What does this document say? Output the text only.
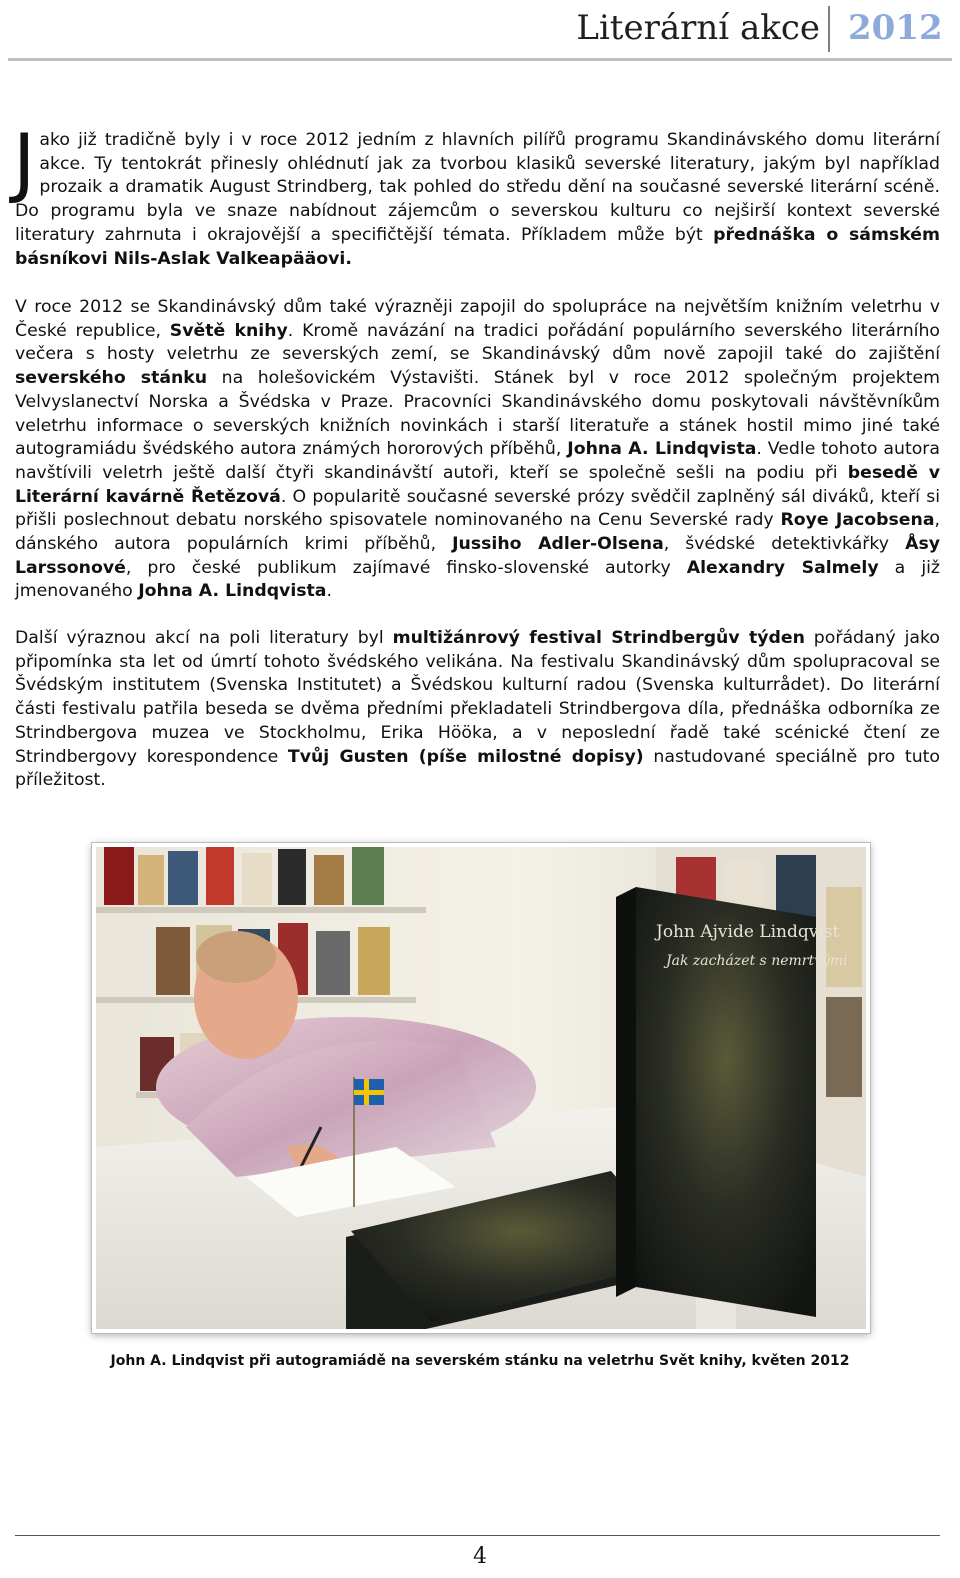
Literární akce 2012
Jako již tradičně byly i v roce 2012 jedním z hlavních pilířů programu Skandinávského domu literární akce. Ty tentokrát přinesly ohlédnutí jak za tvorbou klasiků severské literatury, jakým byl například prozaik a dramatik August Strindberg, tak pohled do středu dění na současné severské literární scéně. Do programu byla ve snaze nabídnout zájemcům o severskou kulturu co nejširší kontext severské literatury zahrnuta i okrajovější a specifičtější témata. Příkladem může být přednáška o sámském básníkovi Nils-Aslak Valkeapääovi.
V roce 2012 se Skandinávský dům také výrazněji zapojil do spolupráce na největším knižním veletrhu v České republice, Světě knihy. Kromě navázání na tradici pořádání populárního severského literárního večera s hosty veletrhu ze severských zemí, se Skandinávský dům nově zapojil také do zajištění severského stánku na holešovickém Výstavišti. Stánek byl v roce 2012 společným projektem Velvyslanectví Norska a Švédska v Praze. Pracovníci Skandinávského domu poskytovali návštěvníkům veletrhu informace o severských knižních novinkách i starší literatuře a stánek hostil mimo jiné také autogramiádu švédského autora známých hororových příběhů, Johna A. Lindqvista. Vedle tohoto autora navštívili veletrh ještě další čtyři skandinávští autoři, kteří se společně sešli na podiu při besedě v Literární kavárně Řetězová. O popularitě současné severské prózy svědčil zaplněný sál diváků, kteří si přišli poslechnout debatu norského spisovatele nominovaného na Cenu Severské rady Roye Jacobsena, dánského autora populárních krimi příběhů, Jussiho Adler-Olsena, švédské detektivkářky Åsy Larssonové, pro české publikum zajímavé finsko-slovenské autorky Alexandry Salmely a již jmenovaného Johna A. Lindqvista.
Další výraznou akcí na poli literatury byl multižánrový festival Strindbergův týden pořádaný jako připomínka sta let od úmrtí tohoto švédského velikána. Na festivalu Skandinávský dům spolupracoval se Švédským institutem (Svenska Institutet) a Švédskou kulturní radou (Svenska kulturrådet). Do literární části festivalu patřila beseda se dvěma předními překladateli Strindbergova díla, přednáška odborníka ze Strindbergova muzea ve Stockholmu, Erika Hööka, a v neposlední řadě také scénické čtení ze Strindbergovy korespondence Tvůj Gusten (píše milostné dopisy) nastudované speciálně pro tuto příležitost.
John Ajvide Lindqvist
Jak zacházet s nemrtvými
John A. Lindqvist při autogramiádě na severském stánku na veletrhu Svět knihy, květen 2012
4
